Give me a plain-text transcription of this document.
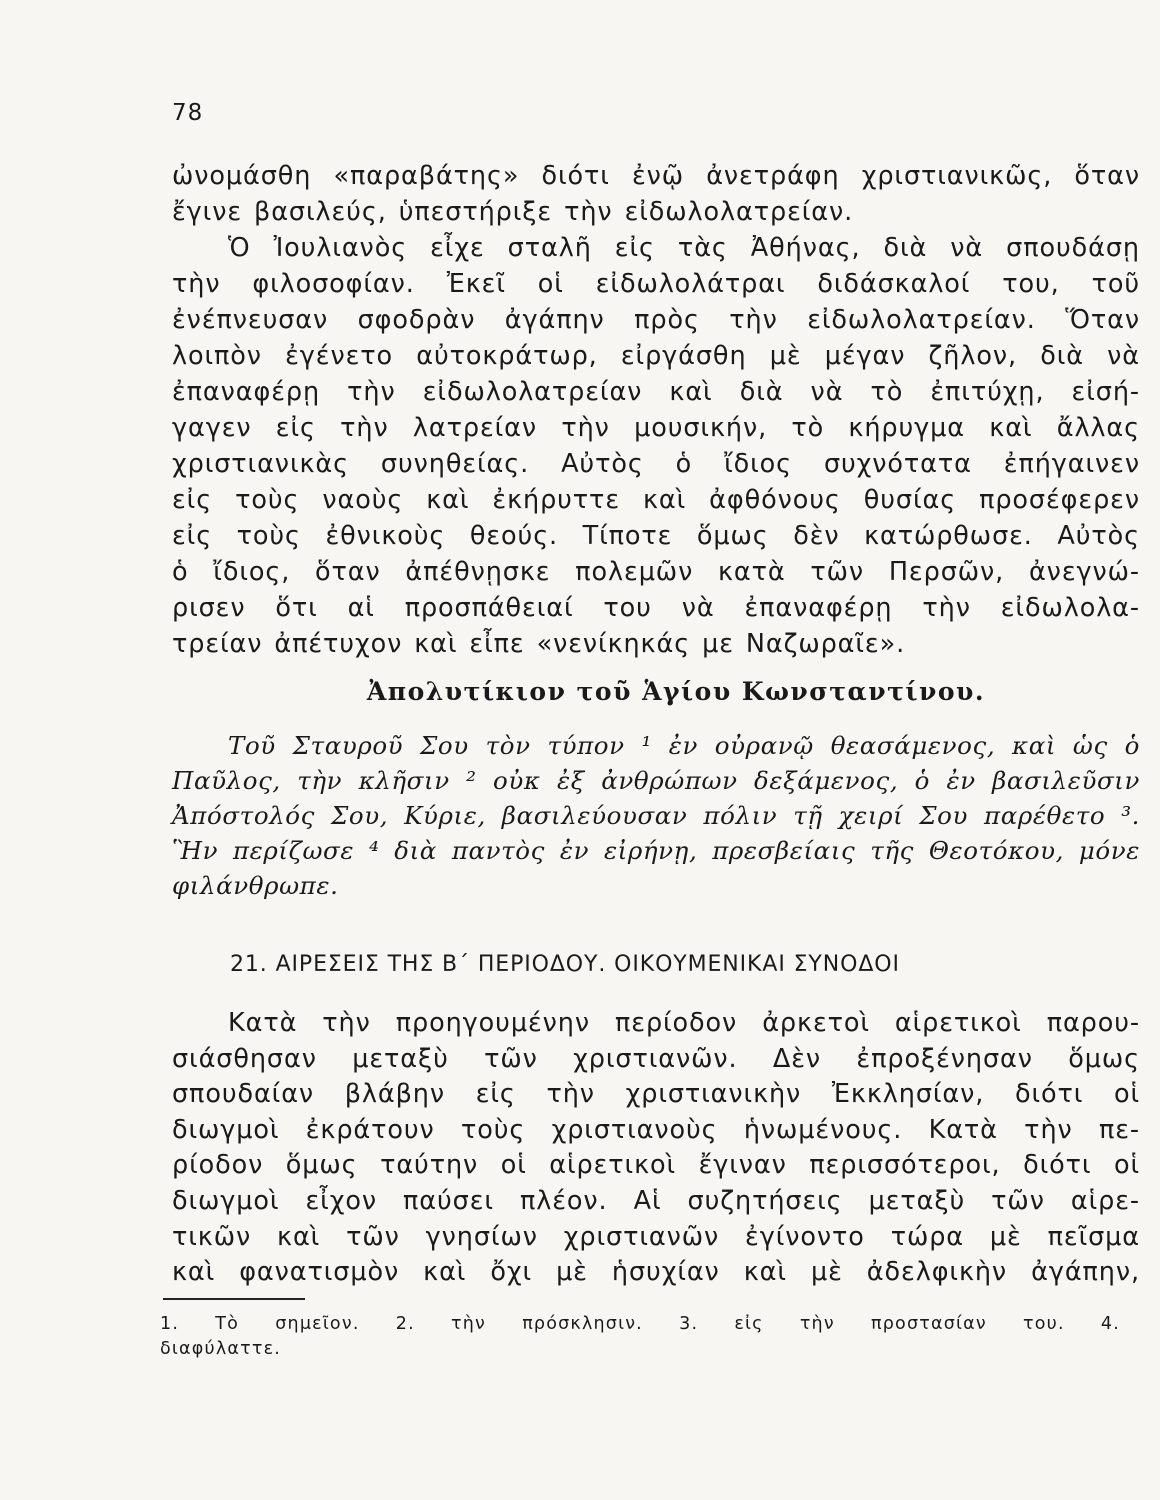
78
ὠνομάσθη «παραβάτης» διότι ἐνῷ ἀνετράφη χριστιανικῶς, ὅταν
ἔγινε βασιλεύς, ὑπεστήριξε τὴν εἰδωλολατρείαν.
Ὁ Ἰουλιανὸς εἶχε σταλῆ εἰς τὰς Ἀθήνας, διὰ νὰ σπουδάσῃ
τὴν φιλοσοφίαν. Ἐκεῖ οἱ εἰδωλολάτραι διδάσκαλοί του, τοῦ
ἐνέπνευσαν σφοδρὰν ἀγάπην πρὸς τὴν εἰδωλολατρείαν. Ὅταν
λοιπὸν ἐγένετο αὐτοκράτωρ, εἰργάσθη μὲ μέγαν ζῆλον, διὰ νὰ
ἐπαναφέρῃ τὴν εἰδωλολατρείαν καὶ διὰ νὰ τὸ ἐπιτύχῃ, εἰσή-
γαγεν εἰς τὴν λατρείαν τὴν μουσικήν, τὸ κήρυγμα καὶ ἄλλας
χριστιανικὰς συνηθείας. Αὐτὸς ὁ ἴδιος συχνότατα ἐπήγαινεν
εἰς τοὺς ναοὺς καὶ ἐκήρυττε καὶ ἀφθόνους θυσίας προσέφερεν
εἰς τοὺς ἐθνικοὺς θεούς. Τίποτε ὅμως δὲν κατώρθωσε. Αὐτὸς
ὁ ἴδιος, ὅταν ἀπέθνῃσκε πολεμῶν κατὰ τῶν Περσῶν, ἀνεγνώ-
ρισεν ὅτι αἱ προσπάθειαί του νὰ ἐπαναφέρῃ τὴν εἰδωλολα-
τρείαν ἀπέτυχον καὶ εἶπε «νενίκηκάς με Ναζωραῖε».
Ἀπολυτίκιον τοῦ Ἁγίου Κωνσταντίνου.
Τοῦ Σταυροῦ Σου τὸν τύπον ¹ ἐν οὐρανῷ θεασάμενος, καὶ ὡς ὁ
Παῦλος, τὴν κλῆσιν ² οὐκ ἐξ ἀνθρώπων δεξάμενος, ὁ ἐν βασιλεῦσιν
Ἀπόστολός Σου, Κύριε, βασιλεύουσαν πόλιν τῇ χειρί Σου παρέθετο ³.
Ἣν περίζωσε ⁴ διὰ παντὸς ἐν εἰρήνῃ, πρεσβείαις τῆς Θεοτόκου, μόνε
φιλάνθρωπε.
21. ΑΙΡΕΣΕΙΣ ΤΗΣ Β΄ ΠΕΡΙΟΔΟΥ. ΟΙΚΟΥΜΕΝΙΚΑΙ ΣΥΝΟΔΟΙ
Κατὰ τὴν προηγουμένην περίοδον ἀρκετοὶ αἱρετικοὶ παρου-
σιάσθησαν μεταξὺ τῶν χριστιανῶν. Δὲν ἐπροξένησαν ὅμως
σπουδαίαν βλάβην εἰς τὴν χριστιανικὴν Ἐκκλησίαν, διότι οἱ
διωγμοὶ ἐκράτουν τοὺς χριστιανοὺς ἡνωμένους. Κατὰ τὴν πε-
ρίοδον ὅμως ταύτην οἱ αἱρετικοὶ ἔγιναν περισσότεροι, διότι οἱ
διωγμοὶ εἶχον παύσει πλέον. Αἱ συζητήσεις μεταξὺ τῶν αἱρε-
τικῶν καὶ τῶν γνησίων χριστιανῶν ἐγίνοντο τώρα μὲ πεῖσμα
καὶ φανατισμὸν καὶ ὄχι μὲ ἡσυχίαν καὶ μὲ ἀδελφικὴν ἀγάπην,
1. Τὸ σημεῖον. 2. τὴν πρόσκλησιν. 3. εἰς τὴν προστασίαν του. 4.
διαφύλαττε.
